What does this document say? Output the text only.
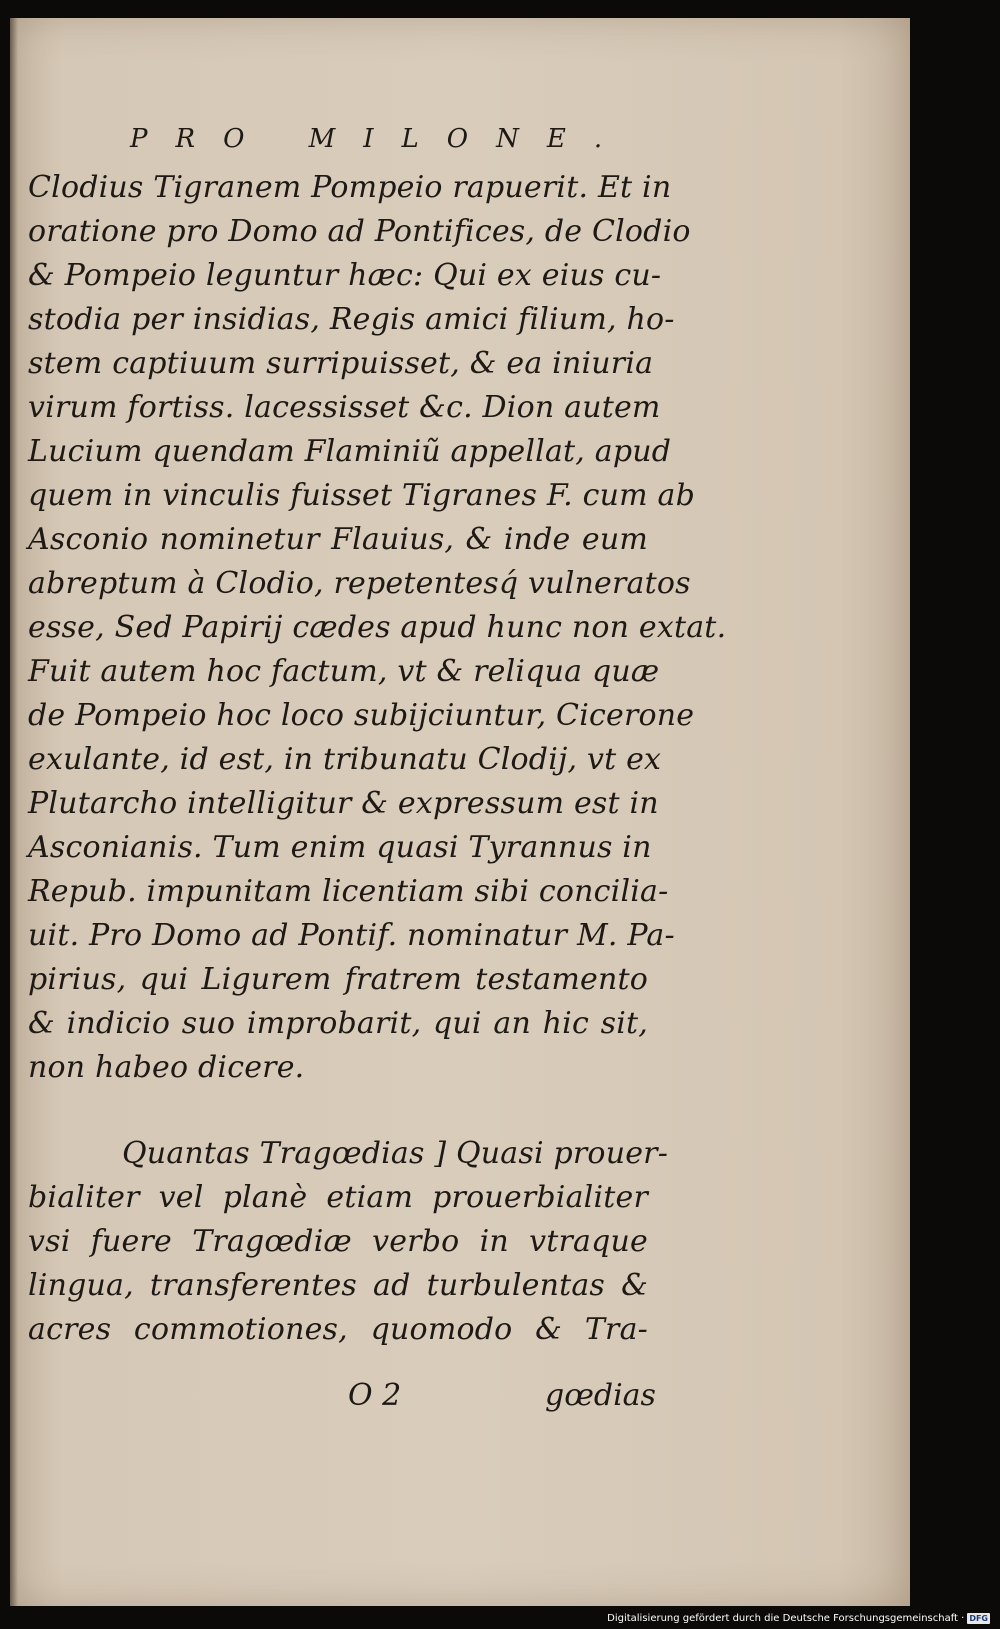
PRO MILONE.
Clodius Tigranem Pompeio rapuerit. Et in
oratione pro Domo ad Pontifices, de Clodio
& Pompeio leguntur hæc: Qui ex eius cu-
stodia per insidias, Regis amici filium, ho-
stem captiuum surripuisset, & ea iniuria
virum fortiss. lacessisset &c. Dion autem
Lucium quendam Flaminiũ appellat, apud
quem in vinculis fuisset Tigranes F. cum ab
Asconio nominetur Flauius, & inde eum
abreptum à Clodio, repetentesq́ vulneratos
esse, Sed Papirij cædes apud hunc non extat.
Fuit autem hoc factum, vt & reliqua quæ
de Pompeio hoc loco subijciuntur, Cicerone
exulante, id est, in tribunatu Clodij, vt ex
Plutarcho intelligitur & expressum est in
Asconianis. Tum enim quasi Tyrannus in
Repub. impunitam licentiam sibi concilia-
uit. Pro Domo ad Pontif. nominatur M. Pa-
pirius, qui Ligurem fratrem testamento
& indicio suo improbarit, qui an hic sit,
non habeo dicere.
Quantas Tragœdias ] Quasi prouer-
bialiter vel planè etiam prouerbialiter
vsi fuere Tragœdiæ verbo in vtraque
lingua, transferentes ad turbulentas &
acres commotiones, quomodo & Tra-
O 2	gœdias
Digitalisierung gefördert durch die Deutsche Forschungsgemeinschaft · DFG
